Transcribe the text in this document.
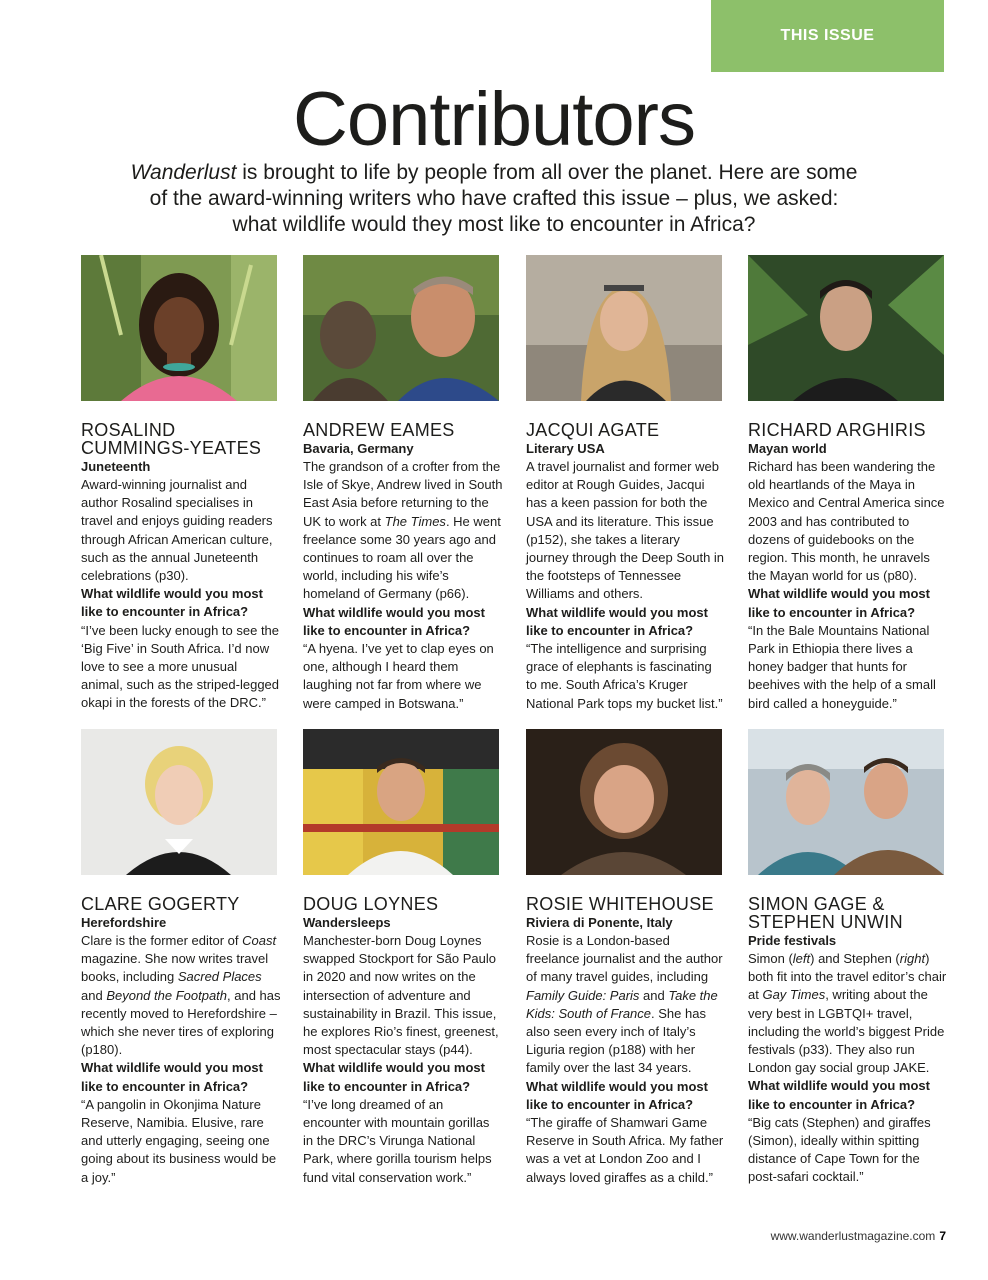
THIS ISSUE
Contributors
Wanderlust is brought to life by people from all over the planet. Here are some of the award-winning writers who have crafted this issue – plus, we asked: what wildlife would they most like to encounter in Africa?
ROSALIND CUMMINGS-YEATES
Juneteenth
Award-winning journalist and author Rosalind specialises in travel and enjoys guiding readers through African American culture, such as the annual Juneteenth celebrations (p30).
What wildlife would you most like to encounter in Africa?
“I’ve been lucky enough to see the ‘Big Five’ in South Africa. I’d now love to see a more unusual animal, such as the striped-legged okapi in the forests of the DRC.”
ANDREW EAMES
Bavaria, Germany
The grandson of a crofter from the Isle of Skye, Andrew lived in South East Asia before returning to the UK to work at The Times. He went freelance some 30 years ago and continues to roam all over the world, including his wife’s homeland of Germany (p66).
What wildlife would you most like to encounter in Africa?
“A hyena. I’ve yet to clap eyes on one, although I heard them laughing not far from where we were camped in Botswana.”
JACQUI AGATE
Literary USA
A travel journalist and former web editor at Rough Guides, Jacqui has a keen passion for both the USA and its literature. This issue (p152), she takes a literary journey through the Deep South in the footsteps of Tennessee Williams and others.
What wildlife would you most like to encounter in Africa?
“The intelligence and surprising grace of elephants is fascinating to me. South Africa’s Kruger National Park tops my bucket list.”
RICHARD ARGHIRIS
Mayan world
Richard has been wandering the old heartlands of the Maya in Mexico and Central America since 2003 and has contributed to dozens of guidebooks on the region. This month, he unravels the Mayan world for us (p80).
What wildlife would you most like to encounter in Africa?
“In the Bale Mountains National Park in Ethiopia there lives a honey badger that hunts for beehives with the help of a small bird called a honeyguide.”
CLARE GOGERTY
Herefordshire
Clare is the former editor of Coast magazine. She now writes travel books, including Sacred Places and Beyond the Footpath, and has recently moved to Herefordshire – which she never tires of exploring (p180).
What wildlife would you most like to encounter in Africa?
“A pangolin in Okonjima Nature Reserve, Namibia. Elusive, rare and utterly engaging, seeing one going about its business would be a joy.”
DOUG LOYNES
Wandersleeps
Manchester-born Doug Loynes swapped Stockport for São Paulo in 2020 and now writes on the intersection of adventure and sustainability in Brazil. This issue, he explores Rio’s finest, greenest, most spectacular stays (p44).
What wildlife would you most like to encounter in Africa?
“I’ve long dreamed of an encounter with mountain gorillas in the DRC’s Virunga National Park, where gorilla tourism helps fund vital conservation work.”
ROSIE WHITEHOUSE
Riviera di Ponente, Italy
Rosie is a London-based freelance journalist and the author of many travel guides, including Family Guide: Paris and Take the Kids: South of France. She has also seen every inch of Italy’s Liguria region (p188) with her family over the last 34 years.
What wildlife would you most like to encounter in Africa?
“The giraffe of Shamwari Game Reserve in South Africa. My father was a vet at London Zoo and I always loved giraffes as a child.”
SIMON GAGE & STEPHEN UNWIN
Pride festivals
Simon (left) and Stephen (right) both fit into the travel editor’s chair at Gay Times, writing about the very best in LGBTQI+ travel, including the world’s biggest Pride festivals (p33). They also run London gay social group JAKE.
What wildlife would you most like to encounter in Africa?
“Big cats (Stephen) and giraffes (Simon), ideally within spitting distance of Cape Town for the post-safari cocktail.”
www.wanderlustmagazine.com 7
